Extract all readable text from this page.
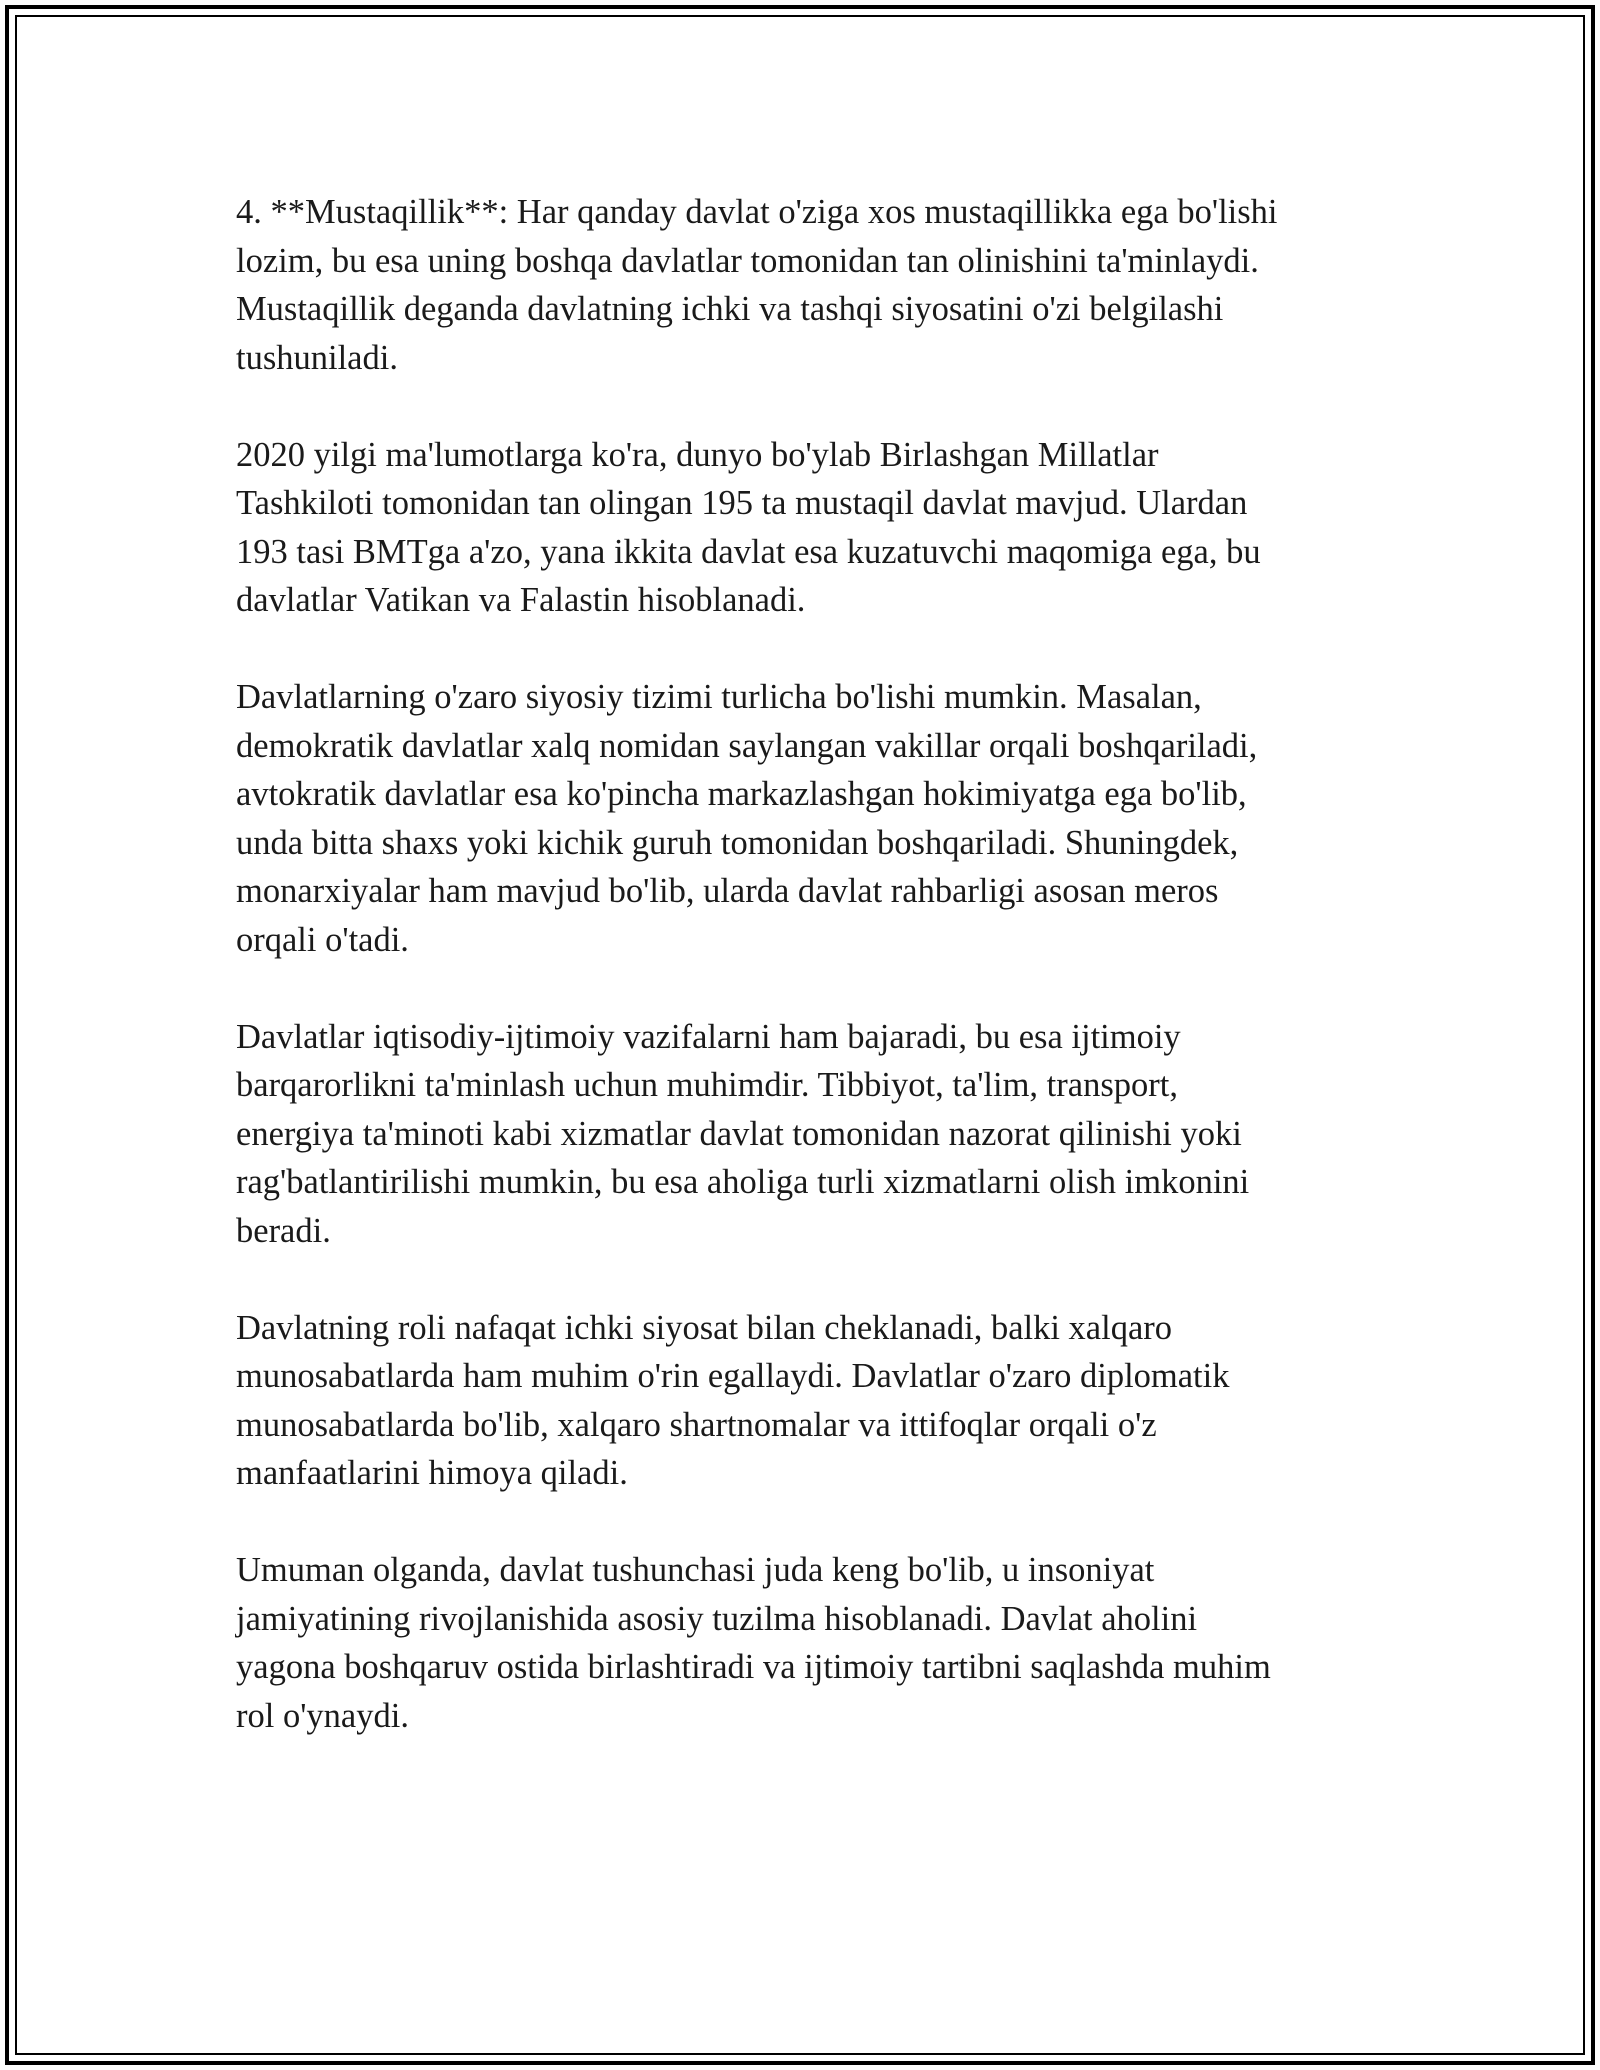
4. **Mustaqillik**: Har qanday davlat o'ziga xos mustaqillikka ega bo'lishi
lozim, bu esa uning boshqa davlatlar tomonidan tan olinishini ta'minlaydi.
Mustaqillik deganda davlatning ichki va tashqi siyosatini o'zi belgilashi
tushuniladi.

2020 yilgi ma'lumotlarga ko'ra, dunyo bo'ylab Birlashgan Millatlar
Tashkiloti tomonidan tan olingan 195 ta mustaqil davlat mavjud. Ulardan
193 tasi BMTga a'zo, yana ikkita davlat esa kuzatuvchi maqomiga ega, bu
davlatlar Vatikan va Falastin hisoblanadi.

Davlatlarning o'zaro siyosiy tizimi turlicha bo'lishi mumkin. Masalan,
demokratik davlatlar xalq nomidan saylangan vakillar orqali boshqariladi,
avtokratik davlatlar esa ko'pincha markazlashgan hokimiyatga ega bo'lib,
unda bitta shaxs yoki kichik guruh tomonidan boshqariladi. Shuningdek,
monarxiyalar ham mavjud bo'lib, ularda davlat rahbarligi asosan meros
orqali o'tadi.

Davlatlar iqtisodiy-ijtimoiy vazifalarni ham bajaradi, bu esa ijtimoiy
barqarorlikni ta'minlash uchun muhimdir. Tibbiyot, ta'lim, transport,
energiya ta'minoti kabi xizmatlar davlat tomonidan nazorat qilinishi yoki
rag'batlantirilishi mumkin, bu esa aholiga turli xizmatlarni olish imkonini
beradi.

Davlatning roli nafaqat ichki siyosat bilan cheklanadi, balki xalqaro
munosabatlarda ham muhim o'rin egallaydi. Davlatlar o'zaro diplomatik
munosabatlarda bo'lib, xalqaro shartnomalar va ittifoqlar orqali o'z
manfaatlarini himoya qiladi.

Umuman olganda, davlat tushunchasi juda keng bo'lib, u insoniyat
jamiyatining rivojlanishida asosiy tuzilma hisoblanadi. Davlat aholini
yagona boshqaruv ostida birlashtiradi va ijtimoiy tartibni saqlashda muhim
rol o'ynaydi.
